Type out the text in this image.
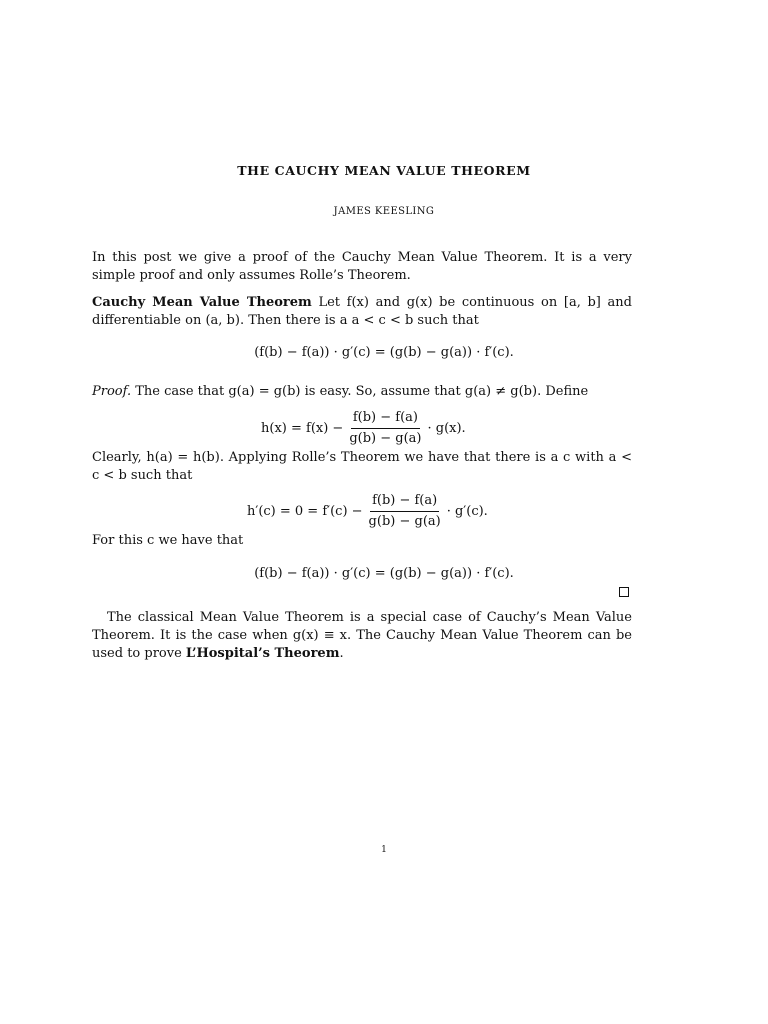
THE CAUCHY MEAN VALUE THEOREM
JAMES KEESLING
In this post we give a proof of the Cauchy Mean Value Theorem. It is a very simple proof and only assumes Rolle’s Theorem.
Cauchy Mean Value Theorem Let f(x) and g(x) be continuous on [a, b] and differentiable on (a, b). Then there is a a < c < b such that
(f(b) − f(a)) · g′(c) = (g(b) − g(a)) · f′(c).
Proof. The case that g(a) = g(b) is easy. So, assume that g(a) ≠ g(b). Define
$h(x) = f(x) - \frac{f(b) - f(a)}{g(b) - g(a)} \cdot g(x)$.
Clearly, h(a) = h(b). Applying Rolle’s Theorem we have that there is a c with a < c < b such that
$h'(c) = 0 = f'(c) - \frac{f(b) - f(a)}{g(b) - g(a)} \cdot g'(c)$.
For this c we have that
(f(b) − f(a)) · g′(c) = (g(b) − g(a)) · f′(c).
The classical Mean Value Theorem is a special case of Cauchy’s Mean Value Theorem. It is the case when g(x) ≡ x. The Cauchy Mean Value Theorem can be used to prove L’Hospital’s Theorem.
1
